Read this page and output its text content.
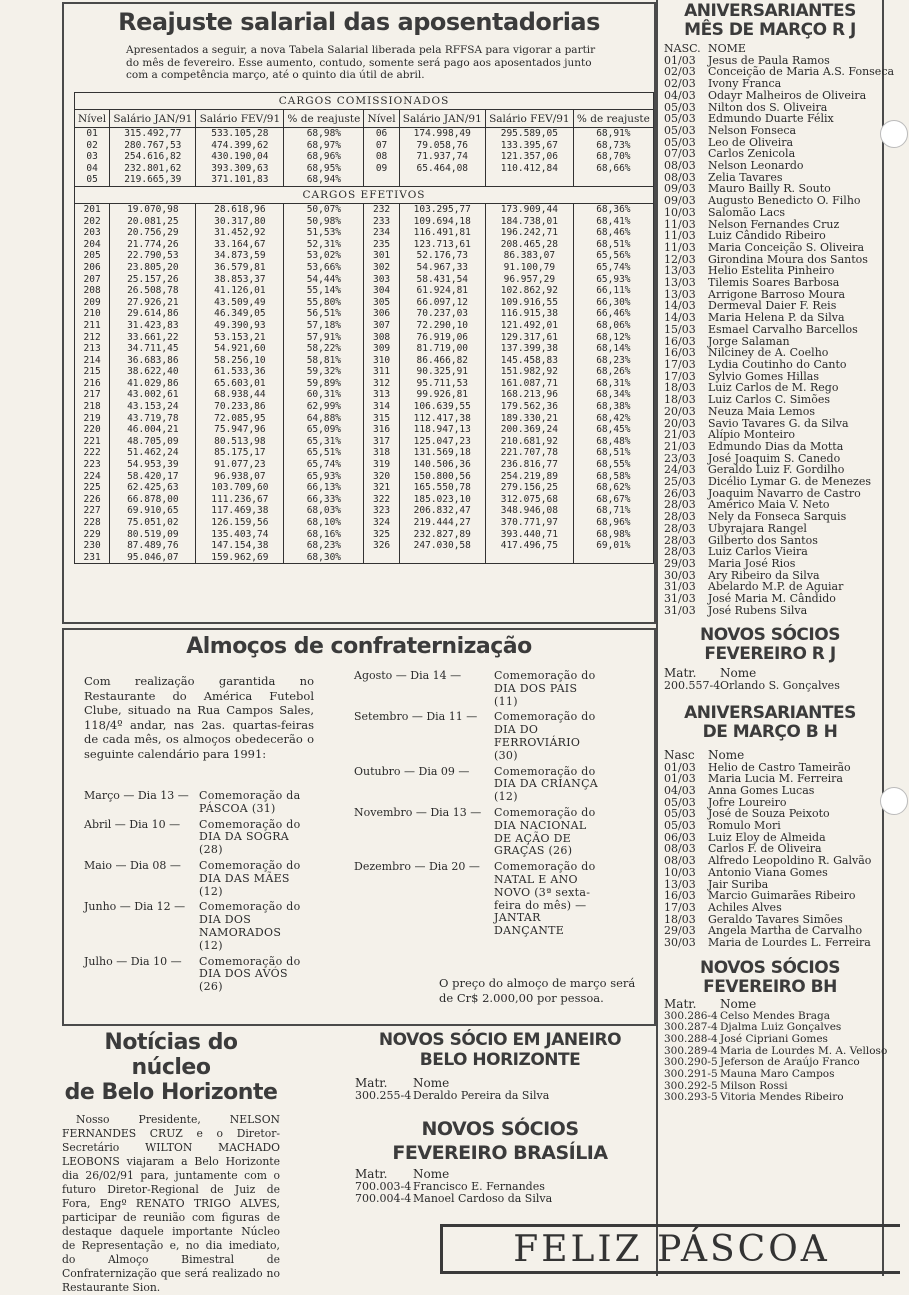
Reajuste salarial das aposentadorias
Apresentados a seguir, a nova Tabela Salarial liberada pela RFFSA para vigorar a partir do mês de fevereiro. Esse aumento, contudo, somente será pago aos aposentados junto com a competência março, até o quinto dia útil de abril.
CARGOS COMISSIONADOS							
Nível	Salário JAN/91	Salário FEV/91	% de reajuste	Nível	Salário JAN/91	Salário FEV/91	% de reajuste
01	315.492,77	533.105,28	68,98%	06	174.998,49	295.589,05	68,91%
02	280.767,53	474.399,62	68,97%	07	79.058,76	133.395,67	68,73%
03	254.616,82	430.190,04	68,96%	08	71.937,74	121.357,06	68,70%
04	232.801,62	393.309,63	68,95%	09	65.464,08	110.412,84	68,66%
05	219.665,39	371.101,83	68,94%				
CARGOS EFETIVOS							
201	19.070,98	28.618,96	50,07%	232	103.295,77	173.909,44	68,36%
202	20.081,25	30.317,80	50,98%	233	109.694,18	184.738,01	68,41%
203	20.756,29	31.452,92	51,53%	234	116.491,81	196.242,71	68,46%
204	21.774,26	33.164,67	52,31%	235	123.713,61	208.465,28	68,51%
205	22.790,53	34.873,59	53,02%	301	52.176,73	86.383,07	65,56%
206	23.805,20	36.579,81	53,66%	302	54.967,33	91.100,79	65,74%
207	25.157,26	38.853,37	54,44%	303	58.431,54	96.957,29	65,93%
208	26.508,78	41.126,01	55,14%	304	61.924,81	102.862,92	66,11%
209	27.926,21	43.509,49	55,80%	305	66.097,12	109.916,55	66,30%
210	29.614,86	46.349,05	56,51%	306	70.237,03	116.915,38	66,46%
211	31.423,83	49.390,93	57,18%	307	72.290,10	121.492,01	68,06%
212	33.661,22	53.153,21	57,91%	308	76.919,06	129.317,61	68,12%
213	34.711,45	54.921,60	58,22%	309	81.719,00	137.399,38	68,14%
214	36.683,86	58.256,10	58,81%	310	86.466,82	145.458,83	68,23%
215	38.622,40	61.533,36	59,32%	311	90.325,91	151.982,92	68,26%
216	41.029,86	65.603,01	59,89%	312	95.711,53	161.087,71	68,31%
217	43.002,61	68.938,44	60,31%	313	99.926,81	168.213,96	68,34%
218	43.153,24	70.233,86	62,99%	314	106.639,55	179.562,36	68,38%
219	43.719,78	72.085,95	64,88%	315	112.417,38	189.330,21	68,42%
220	46.004,21	75.947,96	65,09%	316	118.947,13	200.369,24	68,45%
221	48.705,09	80.513,98	65,31%	317	125.047,23	210.681,92	68,48%
222	51.462,24	85.175,17	65,51%	318	131.569,18	221.707,78	68,51%
223	54.953,39	91.077,23	65,74%	319	140.506,36	236.816,77	68,55%
224	58.420,17	96.938,07	65,93%	320	150.800,56	254.219,89	68,58%
225	62.425,63	103.709,60	66,13%	321	165.550,78	279.156,25	68,62%
226	66.878,00	111.236,67	66,33%	322	185.023,10	312.075,68	68,67%
227	69.910,65	117.469,38	68,03%	323	206.832,47	348.946,08	68,71%
228	75.051,02	126.159,56	68,10%	324	219.444,27	370.771,97	68,96%
229	80.519,09	135.403,74	68,16%	325	232.827,89	393.440,71	68,98%
230	87.489,76	147.154,38	68,23%	326	247.030,58	417.496,75	69,01%
231	95.046,07	159.962,69	68,30%				
ANIVERSARIANTES
MÊS DE MARÇO R J
NASC. NOME
01/03 Jesus de Paula Ramos
02/03 Conceição de Maria A.S. Fonseca
02/03 Ivony Franca
04/03 Odayr Malheiros de Oliveira
05/03 Nilton dos S. Oliveira
05/03 Edmundo Duarte Félix
05/03 Nelson Fonseca
05/03 Leo de Oliveira
07/03 Carlos Zenicola
08/03 Nelson Leonardo
08/03 Zelia Tavares
09/03 Mauro Bailly R. Souto
09/03 Augusto Benedicto O. Filho
10/03 Salomão Lacs
11/03 Nelson Fernandes Cruz
11/03 Luiz Cândido Ribeiro
11/03 Maria Conceição S. Oliveira
12/03 Girondina Moura dos Santos
13/03 Helio Estelita Pinheiro
13/03 Tilemis Soares Barbosa
13/03 Arrigone Barroso Moura
14/03 Dermeval Daier F. Reis
14/03 Maria Helena P. da Silva
15/03 Esmael Carvalho Barcellos
16/03 Jorge Salaman
16/03 Nilciney de A. Coelho
17/03 Lydia Coutinho do Canto
17/03 Sylvio Gomes Hillas
18/03 Luiz Carlos de M. Rego
18/03 Luiz Carlos C. Simões
20/03 Neuza Maia Lemos
20/03 Savio Tavares G. da Silva
21/03 Alípio Monteiro
21/03 Edmundo Dias da Motta
23/03 José Joaquim S. Canedo
24/03 Geraldo Luiz F. Gordilho
25/03 Dicélio Lymar G. de Menezes
26/03 Joaquim Navarro de Castro
28/03 Américo Maia V. Neto
28/03 Nely da Fonseca Sarquis
28/03 Ubyrajara Rangel
28/03 Gilberto dos Santos
28/03 Luiz Carlos Vieira
29/03 Maria José Rios
30/03 Ary Ribeiro da Silva
31/03 Abelardo M.P. de Aguiar
31/03 José Maria M. Cândido
31/03 José Rubens Silva
NOVOS SÓCIOS
FEVEREIRO R J
Matr. Nome
200.557-4Orlando S. Gonçalves
ANIVERSARIANTES
DE MARÇO B H
Nasc Nome
01/03 Helio de Castro Tameirão
01/03 Maria Lucia M. Ferreira
04/03 Anna Gomes Lucas
05/03 Jofre Loureiro
05/03 José de Souza Peixoto
05/03 Romulo Mori
06/03 Luiz Eloy de Almeida
08/03 Carlos F. de Oliveira
08/03 Alfredo Leopoldino R. Galvão
10/03 Antonio Viana Gomes
13/03 Jair Suriba
16/03 Marcio Guimarães Ribeiro
17/03 Achiles Alves
18/03 Geraldo Tavares Simões
29/03 Angela Martha de Carvalho
30/03 Maria de Lourdes L. Ferreira
NOVOS SÓCIOS
FEVEREIRO BH
Matr. Nome
300.286-4 Celso Mendes Braga
300.287-4 Djalma Luiz Gonçalves
300.288-4 José Cipriani Gomes
300.289-4 Maria de Lourdes M. A. Velloso
300.290-5 Jeferson de Araújo Franco
300.291-5 Mauna Maro Campos
300.292-5 Milson Rossi
300.293-5 Vitoria Mendes Ribeiro
Almoços de confraternização
Com realização garantida no Restaurante do América Futebol Clube, situado na Rua Campos Sales, 118/4º andar, nas 2as. quartas-feiras de cada mês, os almoços obedecerão o seguinte calendário para 1991:
Março — Dia 13 — Comemoração da PÁSCOA (31)
Abril — Dia 10 — Comemoração do DIA DA SOGRA (28)
Maio — Dia 08 — Comemoração do DIA DAS MÃES (12)
Junho — Dia 12 — Comemoração do DIA DOS NAMORADOS (12)
Julho — Dia 10 — Comemoração do DIA DOS AVÓS (26)
Agosto — Dia 14 —	Comemoração do DIA DOS PAIS (11)
Setembro — Dia 11 — Comemoração do DIA DO FERROVIÁRIO (30)
Outubro — Dia 09 — Comemoração do DIA DA CRIANÇA (12)
Novembro — Dia 13 — Comemoração do DIA NACIONAL DE AÇÃO DE GRAÇAS (26)
Dezembro — Dia 20 — Comemoração do NATAL E ANO NOVO (3ª sexta-feira do mês) — JANTAR DANÇANTE
O preço do almoço de março será de Cr$ 2.000,00 por pessoa.
Notícias do núcleo
de Belo Horizonte
Nosso Presidente, NELSON FERNANDES CRUZ e o Diretor-Secretário WILTON MACHADO LEOBONS viajaram a Belo Horizonte dia 26/02/91 para, juntamente com o futuro Diretor-Regional de Juiz de Fora, Engº RENATO TRIGO ALVES, participar de reunião com figuras de destaque daquele importante Núcleo de Representação e, no dia imediato, do Almoço Bimestral de Confraternização que será realizado no Restaurante Sion.
NOVOS SÓCIO EM JANEIRO
BELO HORIZONTE
Matr. Nome
300.255-4 Deraldo Pereira da Silva
NOVOS SÓCIOS
FEVEREIRO BRASÍLIA
Matr. Nome
700.003-4 Francisco E. Fernandes
700.004-4 Manoel Cardoso da Silva
FELIZ PÁSCOA
